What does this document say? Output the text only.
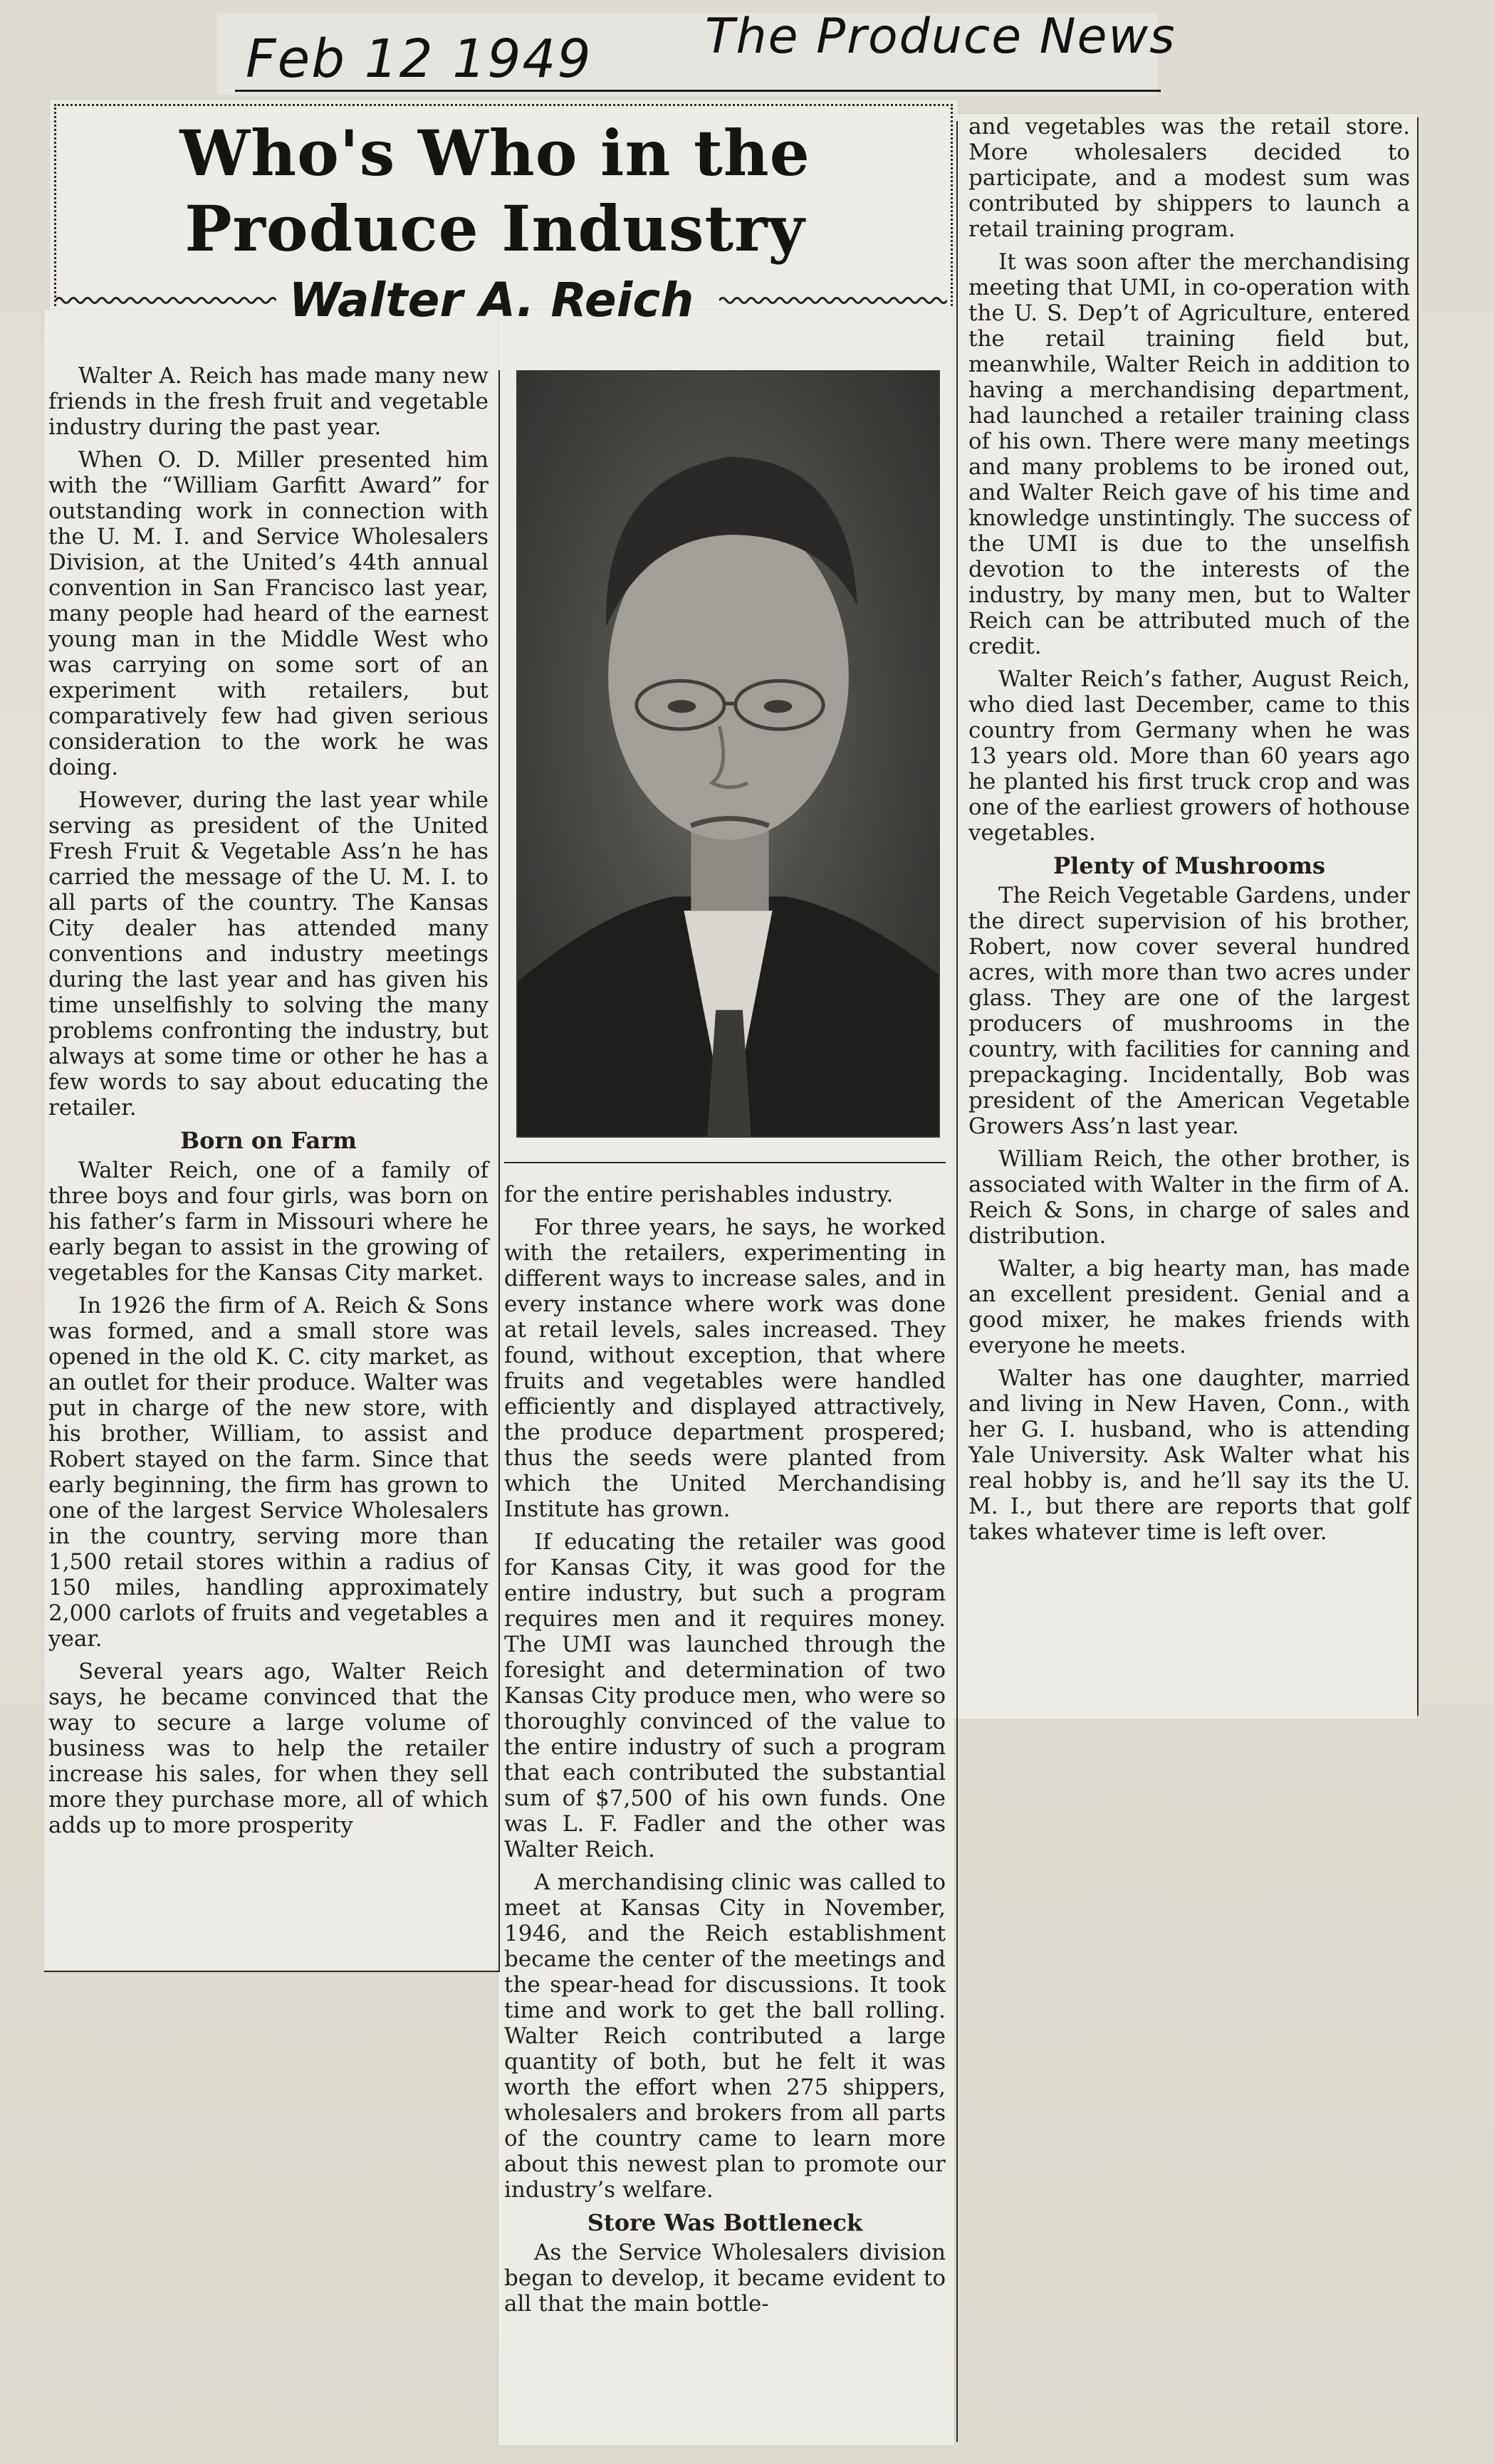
Feb 12 1949 The Produce News
Who's Who in the Produce Industry
Walter A. Reich

Walter A. Reich has made many new friends in the fresh fruit and vegetable industry during the past year.

When O. D. Miller presented him with the “William Garfitt Award” for outstanding work in connection with the U. M. I. and Service Wholesalers Division, at the United’s 44th annual convention in San Francisco last year, many people had heard of the earnest young man in the Middle West who was carrying on some sort of an experiment with retailers, but comparatively few had given serious consideration to the work he was doing.

However, during the last year while serving as president of the United Fresh Fruit & Vegetable Ass’n he has carried the message of the U. M. I. to all parts of the country. The Kansas City dealer has attended many conventions and industry meetings during the last year and has given his time unselfishly to solving the many problems confronting the industry, but always at some time or other he has a few words to say about educating the retailer.

Born on Farm

Walter Reich, one of a family of three boys and four girls, was born on his father’s farm in Missouri where he early began to assist in the growing of vegetables for the Kansas City market.

In 1926 the firm of A. Reich & Sons was formed, and a small store was opened in the old K. C. city market, as an outlet for their produce. Walter was put in charge of the new store, with his brother, William, to assist and Robert stayed on the farm. Since that early beginning, the firm has grown to one of the largest Service Wholesalers in the country, serving more than 1,500 retail stores within a radius of 150 miles, handling approximately 2,000 carlots of fruits and vegetables a year.

Several years ago, Walter Reich says, he became convinced that the way to secure a large volume of business was to help the retailer increase his sales, for when they sell more they purchase more, all of which adds up to more prosperity

for the entire perishables industry.

For three years, he says, he worked with the retailers, experimenting in different ways to increase sales, and in every instance where work was done at retail levels, sales increased. They found, without exception, that where fruits and vegetables were handled efficiently and displayed attractively, the produce department prospered; thus the seeds were planted from which the United Merchandising Institute has grown.

If educating the retailer was good for Kansas City, it was good for the entire industry, but such a program requires men and it requires money. The UMI was launched through the foresight and determination of two Kansas City produce men, who were so thoroughly convinced of the value to the entire industry of such a program that each contributed the substantial sum of $7,500 of his own funds. One was L. F. Fadler and the other was Walter Reich.

A merchandising clinic was called to meet at Kansas City in November, 1946, and the Reich establishment became the center of the meetings and the spear-head for discussions. It took time and work to get the ball rolling. Walter Reich contributed a large quantity of both, but he felt it was worth the effort when 275 shippers, wholesalers and brokers from all parts of the country came to learn more about this newest plan to promote our industry’s welfare.

Store Was Bottleneck

As the Service Wholesalers division began to develop, it became evident to all that the main bottle-

and vegetables was the retail store. More wholesalers decided to participate, and a modest sum was contributed by shippers to launch a retail training program.

It was soon after the merchandising meeting that UMI, in co-operation with the U. S. Dep’t of Agriculture, entered the retail training field but, meanwhile, Walter Reich in addition to having a merchandising department, had launched a retailer training class of his own. There were many meetings and many problems to be ironed out, and Walter Reich gave of his time and knowledge unstintingly. The success of the UMI is due to the unselfish devotion to the interests of the industry, by many men, but to Walter Reich can be attributed much of the credit.

Walter Reich’s father, August Reich, who died last December, came to this country from Germany when he was 13 years old. More than 60 years ago he planted his first truck crop and was one of the earliest growers of hothouse vegetables.

Plenty of Mushrooms

The Reich Vegetable Gardens, under the direct supervision of his brother, Robert, now cover several hundred acres, with more than two acres under glass. They are one of the largest producers of mushrooms in the country, with facilities for canning and prepackaging. Incidentally, Bob was president of the American Vegetable Growers Ass’n last year.

William Reich, the other brother, is associated with Walter in the firm of A. Reich & Sons, in charge of sales and distribution.

Walter, a big hearty man, has made an excellent president. Genial and a good mixer, he makes friends with everyone he meets.

Walter has one daughter, married and living in New Haven, Conn., with her G. I. husband, who is attending Yale University. Ask Walter what his real hobby is, and he’ll say its the U. M. I., but there are reports that golf takes whatever time is left over.
